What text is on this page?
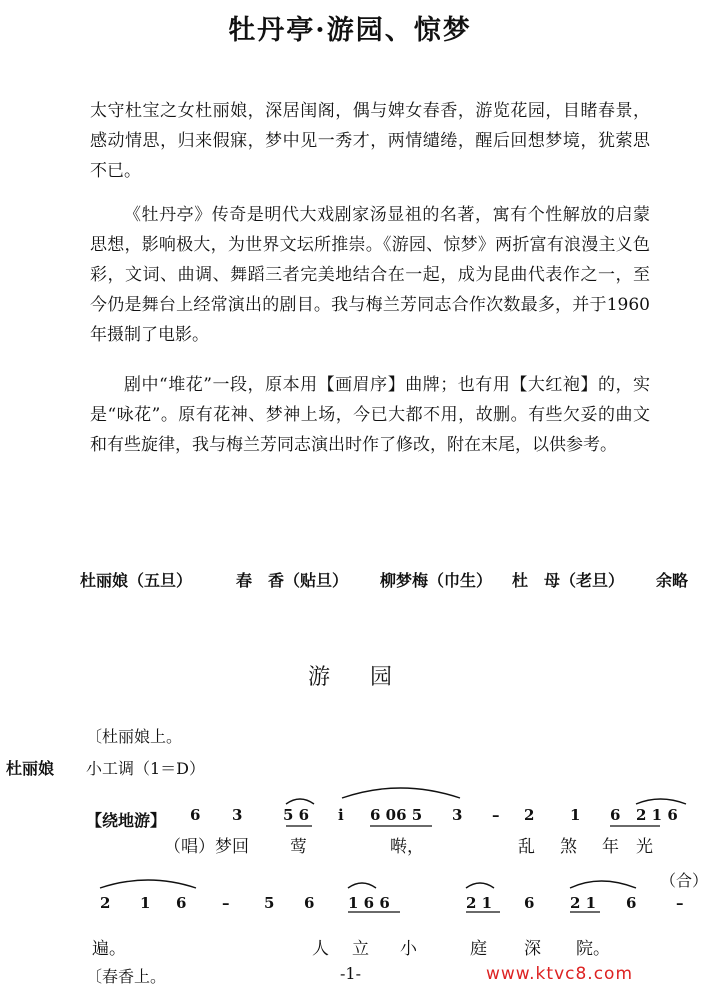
牡丹亭·游园、惊梦
太守杜宝之女杜丽娘，深居闺阁，偶与婢女春香，游览花园，目睹春景，感动情思，归来假寐，梦中见一秀才，两情缱绻，醒后回想梦境，犹萦思不已。
《牡丹亭》传奇是明代大戏剧家汤显祖的名著，寓有个性解放的启蒙思想，影响极大，为世界文坛所推崇。《游园、惊梦》两折富有浪漫主义色彩，文词、曲调、舞蹈三者完美地结合在一起，成为昆曲代表作之一，至今仍是舞台上经常演出的剧目。我与梅兰芳同志合作次数最多，并于1960年摄制了电影。
剧中“堆花”一段，原本用【画眉序】曲牌；也有用【大红袍】的，实是“咏花”。原有花神、梦神上场，今已大都不用，故删。有些欠妥的曲文和有些旋律，我与梅兰芳同志演出时作了修改，附在末尾，以供参考。
杜丽娘（五旦）	春　香（贴旦） 柳梦梅（巾生） 杜　母（老旦） 余略
游园
〔杜丽娘上。
杜丽娘 小工调（1＝D）
【绕地游】 6 3	5 6 i 6 06 5 3 – 2 1 6 2 1 6
（唱）梦 回 莺	啭，	乱 煞 年 光
（合）
2 1 6 – 5 6 1 6 6	2 1 6 2 1 6	–
遍。	人 立 小	庭 深 院。
〔春香上。	-1-	www.ktvc8.com
